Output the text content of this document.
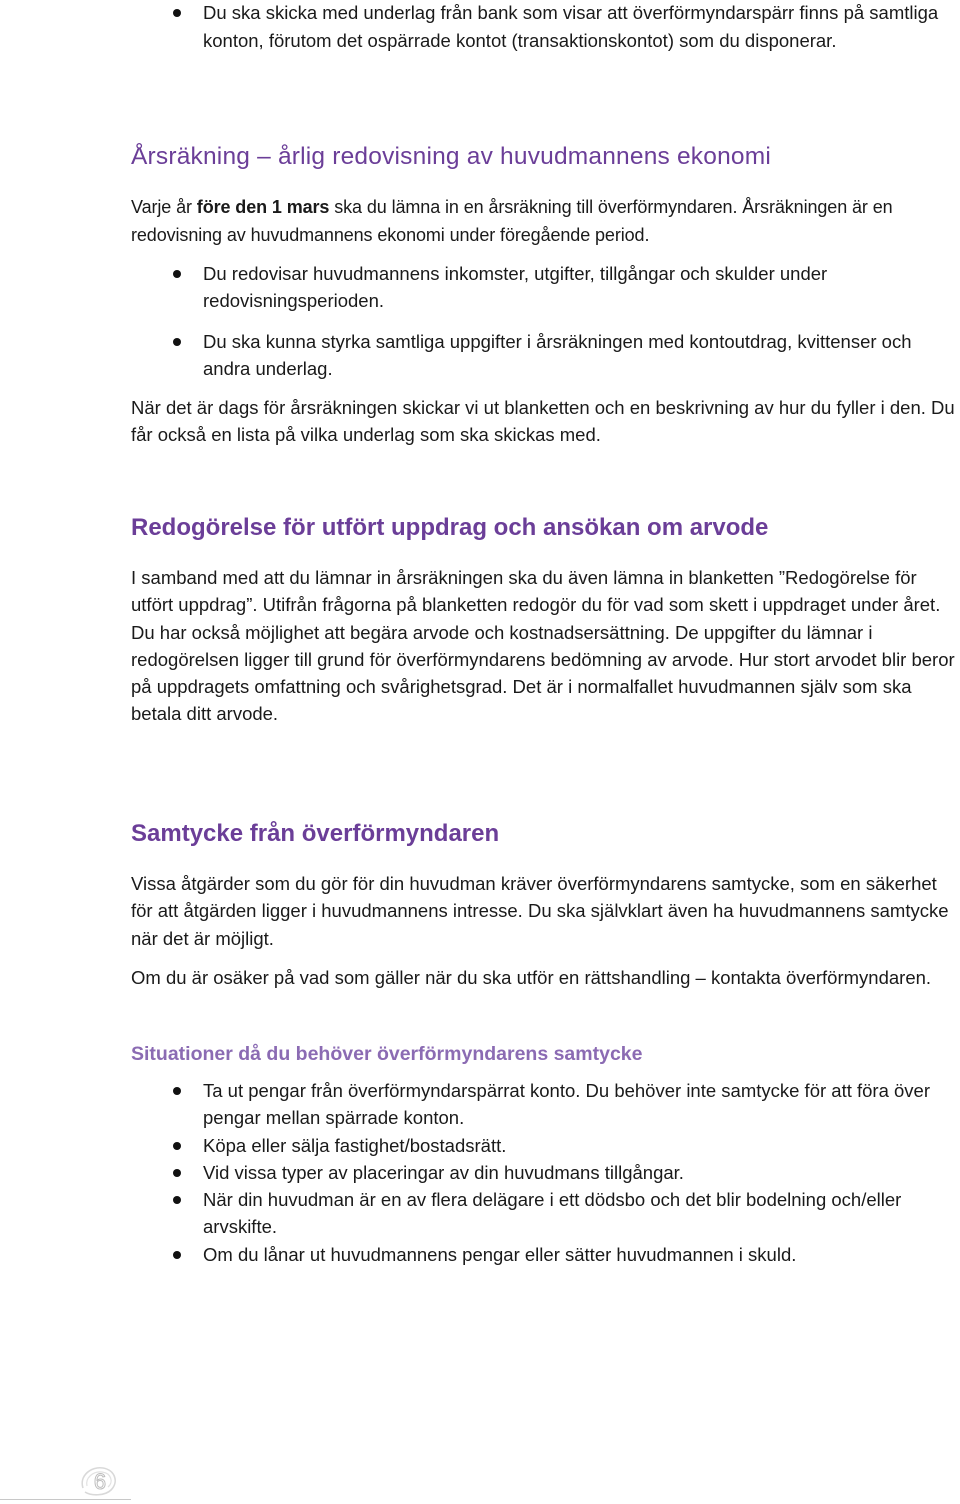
Du ska skicka med underlag från bank som visar att överförmyndarspärr finns på samtliga konton, förutom det ospärrade kontot (transaktionskontot) som du disponerar.
Årsräkning – årlig redovisning av huvudmannens ekonomi

Varje år före den 1 mars ska du lämna in en årsräkning till överförmyndaren. Årsräkningen är en redovisning av huvudmannens ekonomi under föregående period.

Du redovisar huvudmannens inkomster, utgifter, tillgångar och skulder under redovisningsperioden.
Du ska kunna styrka samtliga uppgifter i årsräkningen med kontoutdrag, kvittenser och andra underlag.

När det är dags för årsräkningen skickar vi ut blanketten och en beskrivning av hur du fyller i den. Du får också en lista på vilka underlag som ska skickas med.

Redogörelse för utfört uppdrag och ansökan om arvode

I samband med att du lämnar in årsräkningen ska du även lämna in blanketten ”Redogörelse för utfört uppdrag”. Utifrån frågorna på blanketten redogör du för vad som skett i uppdraget under året. Du har också möjlighet att begära arvode och kostnadsersättning. De uppgifter du lämnar i redogörelsen ligger till grund för överförmyndarens bedömning av arvode. Hur stort arvodet blir beror på uppdragets omfattning och svårighetsgrad. Det är i normalfallet huvudmannen själv som ska betala ditt arvode.

Samtycke från överförmyndaren

Vissa åtgärder som du gör för din huvudman kräver överförmyndarens samtycke, som en säkerhet för att åtgärden ligger i huvudmannens intresse. Du ska självklart även ha huvudmannens samtycke när det är möjligt.

Om du är osäker på vad som gäller när du ska utför en rättshandling – kontakta överförmyndaren.

Situationer då du behöver överförmyndarens samtycke
Ta ut pengar från överförmyndarspärrat konto. Du behöver inte samtycke för att föra över pengar mellan spärrade konton.
Köpa eller sälja fastighet/bostadsrätt.
Vid vissa typer av placeringar av din huvudmans tillgångar.
När din huvudman är en av flera delägare i ett dödsbo och det blir bodelning och/eller arvskifte.
Om du lånar ut huvudmannens pengar eller sätter huvudmannen i skuld.
6
